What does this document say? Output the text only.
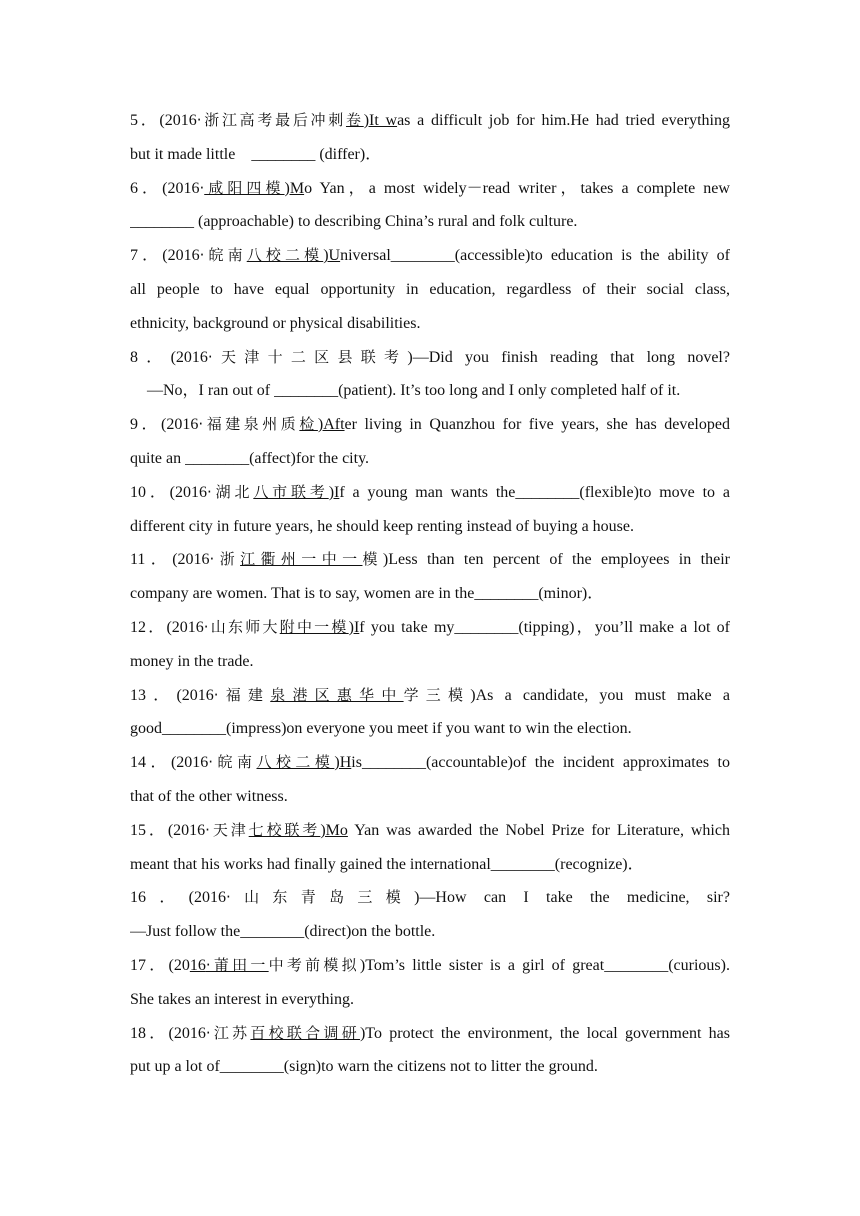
5．(2016·浙江高考最后冲刺卷)It was a difficult job for him.He had tried everything
but it made little　________ (differ)．
6．(2016·咸阳四模)Mo Yan，a most widely－read writer，takes a complete new
________ (approachable) to describing China’s rural and folk culture.
7．(2016·皖南八校二模)Universal________(accessible)to education is the ability of
all people to have equal opportunity in education, regardless of their social class,
ethnicity, background or physical disabilities.
8．(2016·天津十二区县联考)—Did you finish reading that long novel?
—No，I ran out of ________(patient). It’s too long and I only completed half of it.
9．(2016·福建泉州质检)After living in Quanzhou for five years, she has developed
quite an ________(affect)for the city.
10．(2016·湖北八市联考)If a young man wants the________(flexible)to move to a
different city in future years, he should keep renting instead of buying a house.
11．(2016·浙江衢州一中一模)Less than ten percent of the employees in their
company are women. That is to say, women are in the________(minor)．
12．(2016·山东师大附中一模)If you take my________(tipping)，you’ll make a lot of
money in the trade.
13．(2016·福建泉港区惠华中学三模)As a candidate, you must make a
good________(impress)on everyone you meet if you want to win the election.
14．(2016·皖南八校二模)His________(accountable)of the incident approximates to
that of the other witness.
15．(2016·天津七校联考)Mo Yan was awarded the Nobel Prize for Literature, which
meant that his works had finally gained the international________(recognize)．
16．(2016·山东青岛三模)—How can I take the medicine, sir?
—Just follow the________(direct)on the bottle.
17．(2016·莆田一中考前模拟)Tom’s little sister is a girl of great________(curious).
She takes an interest in everything.
18．(2016·江苏百校联合调研)To protect the environment, the local government has
put up a lot of________(sign)to warn the citizens not to litter the ground.
